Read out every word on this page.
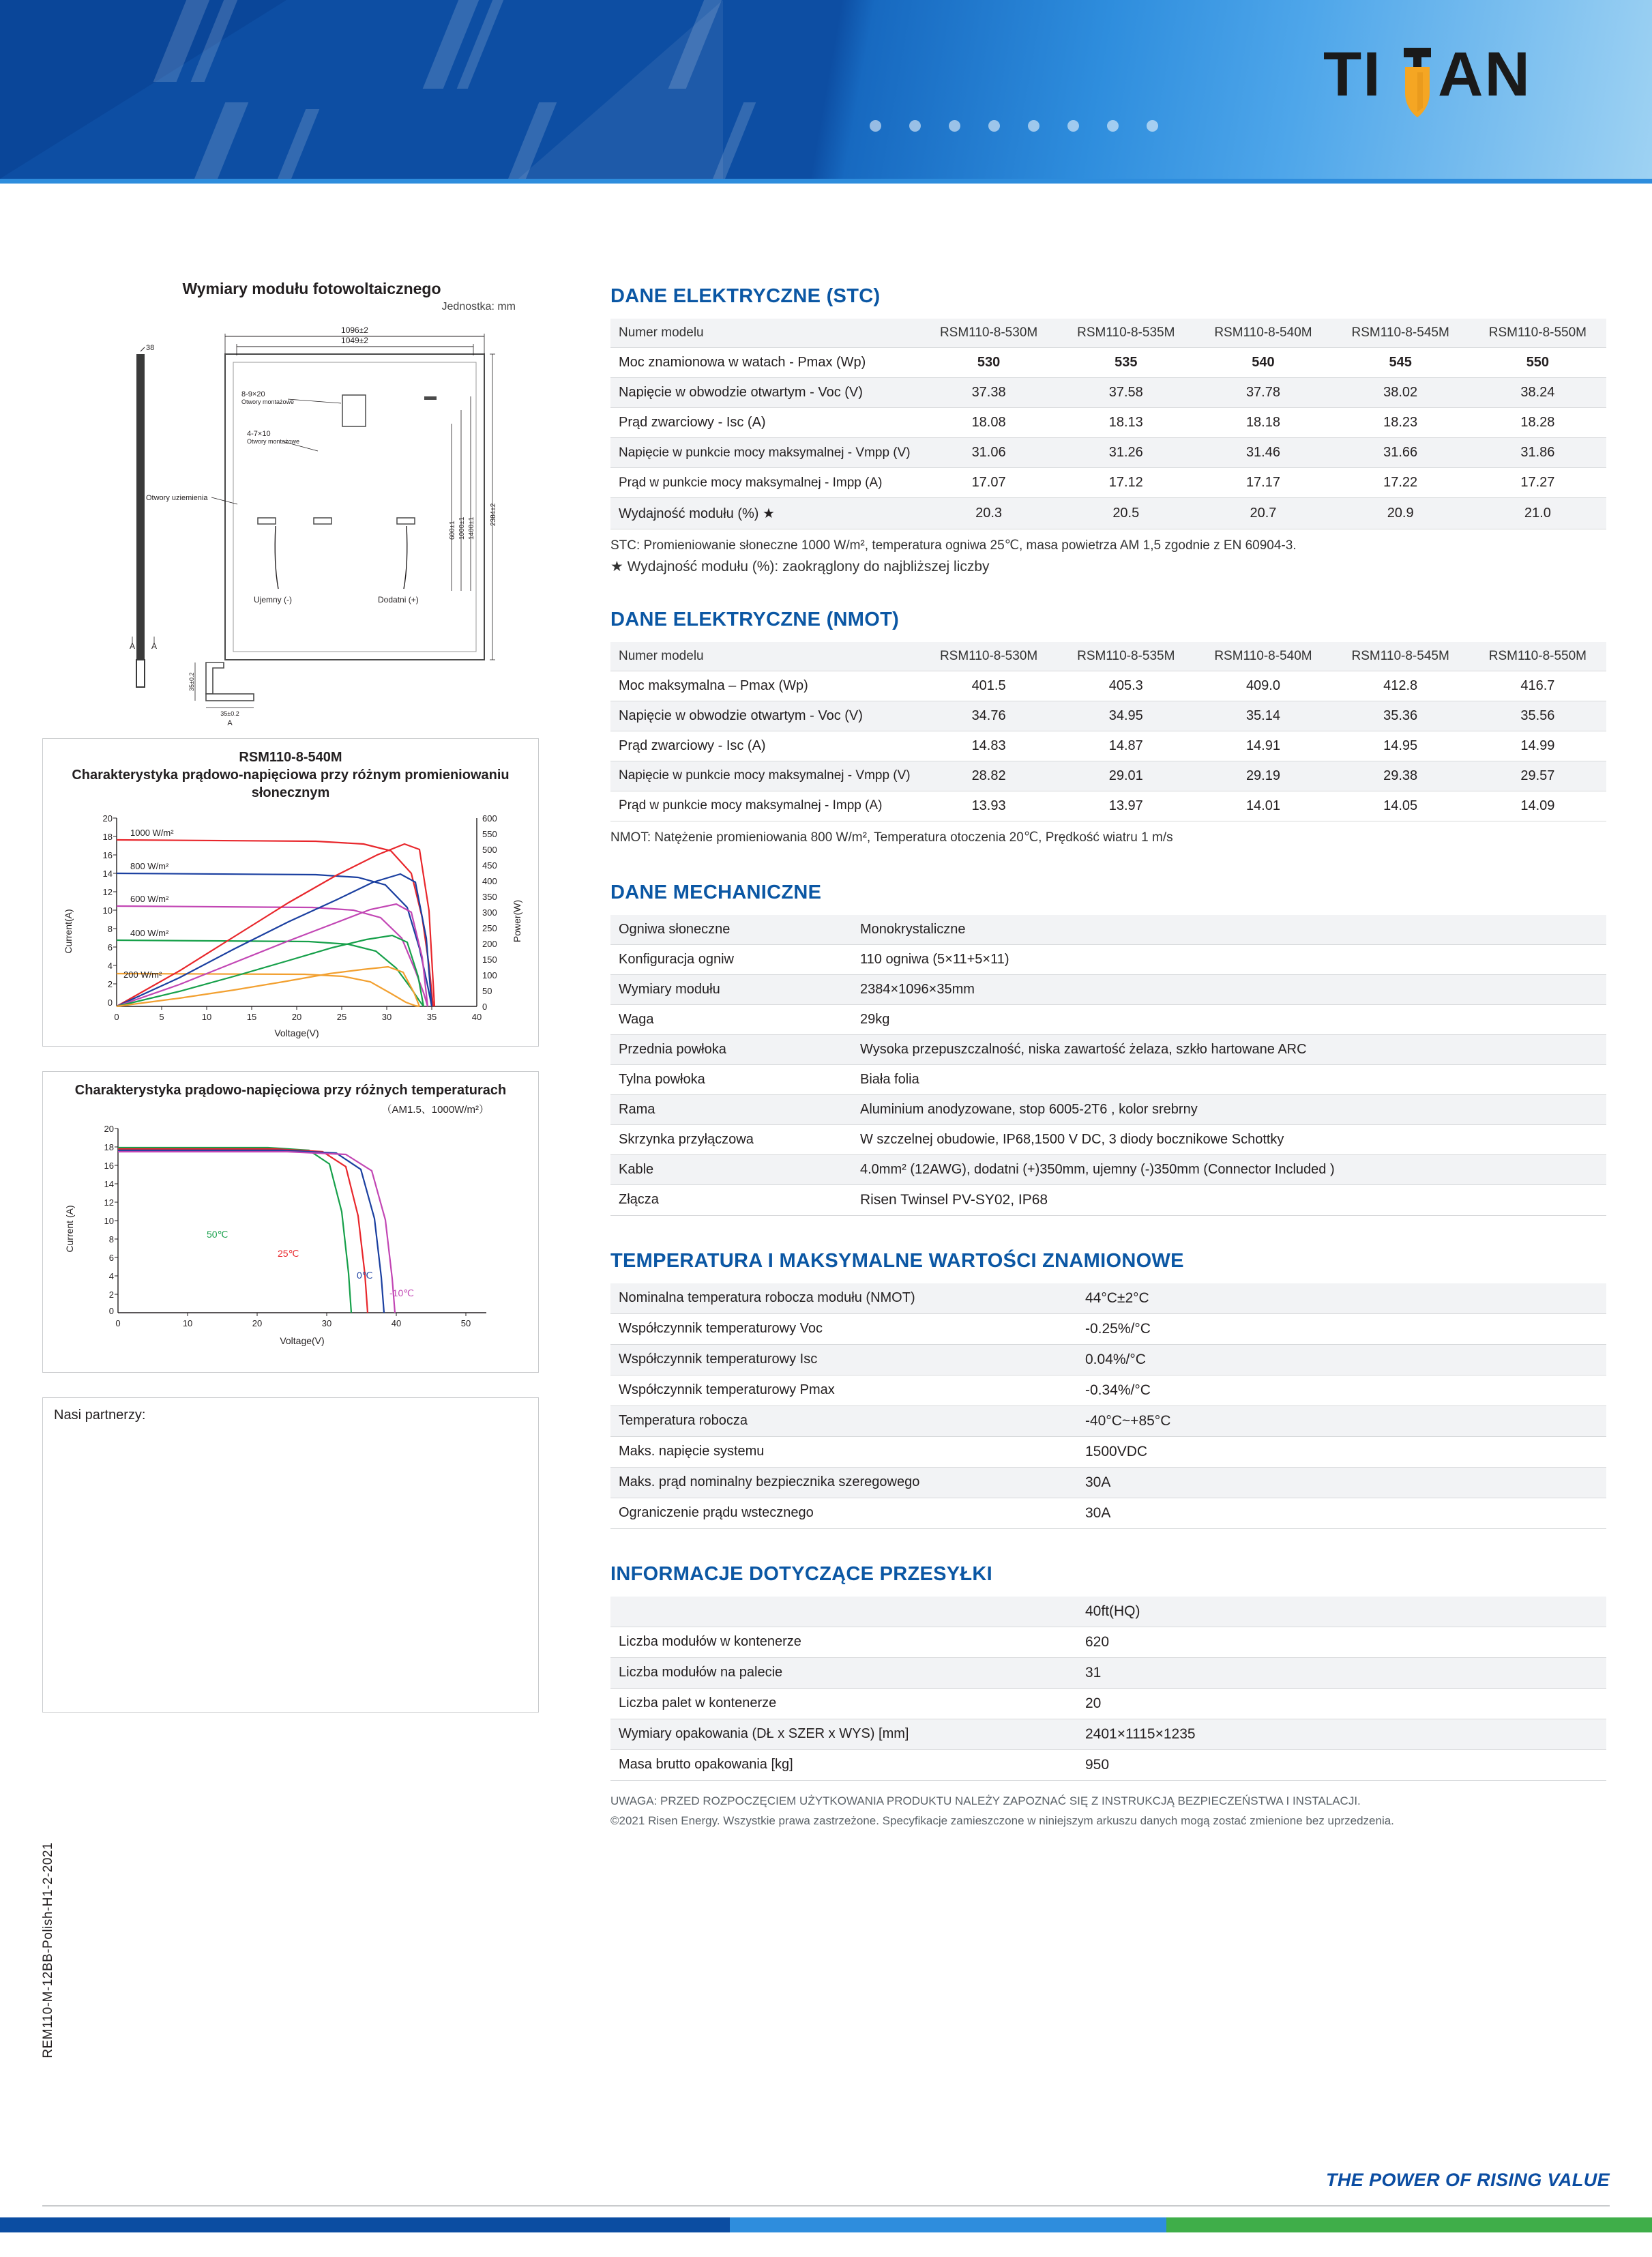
TI AN
Wymiary modułu fotowoltaicznego
Jednostka: mm
38
1096±2
1049±2
8-9×20
Otwory montażowe
4-7×10
Otwory montażowe
Otwory uziemienia
Ujemny (-)	Dodatni (+)
600±1 1000±1 1400±1
2384±2
A A
35±0.2
35±0.2
A
RSM110-8-540M
Charakterystyka prądowo-napięciowa przy różnym promieniowaniu słonecznym
20
18
16
14
12
10
8
6
4
2
0
600
550
500
450
400
350
300
250
200
150
100
50
0
0	5	10	15	20	25	30	35	40
Current(A)	Power(W)
Voltage(V)
1000 W/m²
800 W/m²
600 W/m²
400 W/m²
200 W/m²
Charakterystyka prądowo-napięciowa przy różnych temperaturach
（AM1.5、1000W/m²）
20
18
16
14
12
10
8
6
4
2
0
0	10	20	30	40	50
Current (A)
Voltage(V)
50℃
25℃
0℃
-10℃
Nasi partnerzy:
REM110-M-12BB-Polish-H1-2-2021
DANE ELEKTRYCZNE (STC)
Numer modelu	RSM110-8-530M	RSM110-8-535M	RSM110-8-540M	RSM110-8-545M	RSM110-8-550M
Moc znamionowa w watach - Pmax (Wp)	530	535	540	545	550
Napięcie w obwodzie otwartym - Voc (V)	37.38	37.58	37.78	38.02	38.24
Prąd zwarciowy - Isc (A)	18.08	18.13	18.18	18.23	18.28
Napięcie w punkcie mocy maksymalnej - Vmpp (V)	31.06	31.26	31.46	31.66	31.86
Prąd w punkcie mocy maksymalnej - Impp (A)	17.07	17.12	17.17	17.22	17.27
Wydajność modułu (%) ★	20.3	20.5	20.7	20.9	21.0
STC: Promieniowanie słoneczne 1000 W/m², temperatura ogniwa 25℃, masa powietrza AM 1,5 zgodnie z EN 60904-3.
★ Wydajność modułu (%): zaokrąglony do najbliższej liczby
DANE ELEKTRYCZNE (NMOT)
Numer modelu	RSM110-8-530M	RSM110-8-535M	RSM110-8-540M	RSM110-8-545M	RSM110-8-550M
Moc maksymalna – Pmax (Wp)	401.5	405.3	409.0	412.8	416.7
Napięcie w obwodzie otwartym - Voc (V)	34.76	34.95	35.14	35.36	35.56
Prąd zwarciowy - Isc (A)	14.83	14.87	14.91	14.95	14.99
Napięcie w punkcie mocy maksymalnej - Vmpp (V)	28.82	29.01	29.19	29.38	29.57
Prąd w punkcie mocy maksymalnej - Impp (A)	13.93	13.97	14.01	14.05	14.09
NMOT: Natężenie promieniowania 800 W/m², Temperatura otoczenia 20℃, Prędkość wiatru 1 m/s
DANE MECHANICZNE
Ogniwa słoneczne	Monokrystaliczne
Konfiguracja ogniw	110 ogniwa (5×11+5×11)
Wymiary modułu	2384×1096×35mm
Waga	29kg
Przednia powłoka	Wysoka przepuszczalność, niska zawartość żelaza, szkło hartowane ARC
Tylna powłoka	Biała folia
Rama	Aluminium anodyzowane, stop 6005-2T6 , kolor srebrny
Skrzynka przyłączowa	W szczelnej obudowie, IP68,1500 V DC, 3 diody bocznikowe Schottky
Kable	4.0mm² (12AWG), dodatni (+)350mm, ujemny (-)350mm (Connector Included )
Złącza	Risen Twinsel PV-SY02, IP68
TEMPERATURA I MAKSYMALNE WARTOŚCI ZNAMIONOWE
Nominalna temperatura robocza modułu (NMOT)	44°C±2°C
Współczynnik temperaturowy Voc	-0.25%/°C
Współczynnik temperaturowy Isc	0.04%/°C
Współczynnik temperaturowy Pmax	-0.34%/°C
Temperatura robocza	-40°C~+85°C
Maks. napięcie systemu	1500VDC
Maks. prąd nominalny bezpiecznika szeregowego	30A
Ograniczenie prądu wstecznego	30A
INFORMACJE DOTYCZĄCE PRZESYŁKI
	40ft(HQ)
Liczba modułów w kontenerze	620
Liczba modułów na palecie	31
Liczba palet w kontenerze	20
Wymiary opakowania (DŁ x SZER x WYS) [mm]	2401×1115×1235
Masa brutto opakowania [kg]	950
UWAGA: PRZED ROZPOCZĘCIEM UŻYTKOWANIA PRODUKTU NALEŻY ZAPOZNAĆ SIĘ Z INSTRUKCJĄ BEZPIECZEŃSTWA I INSTALACJI.
©2021 Risen Energy. Wszystkie prawa zastrzeżone. Specyfikacje zamieszczone w niniejszym arkuszu danych mogą zostać zmienione bez uprzedzenia.
THE POWER OF RISING VALUE
